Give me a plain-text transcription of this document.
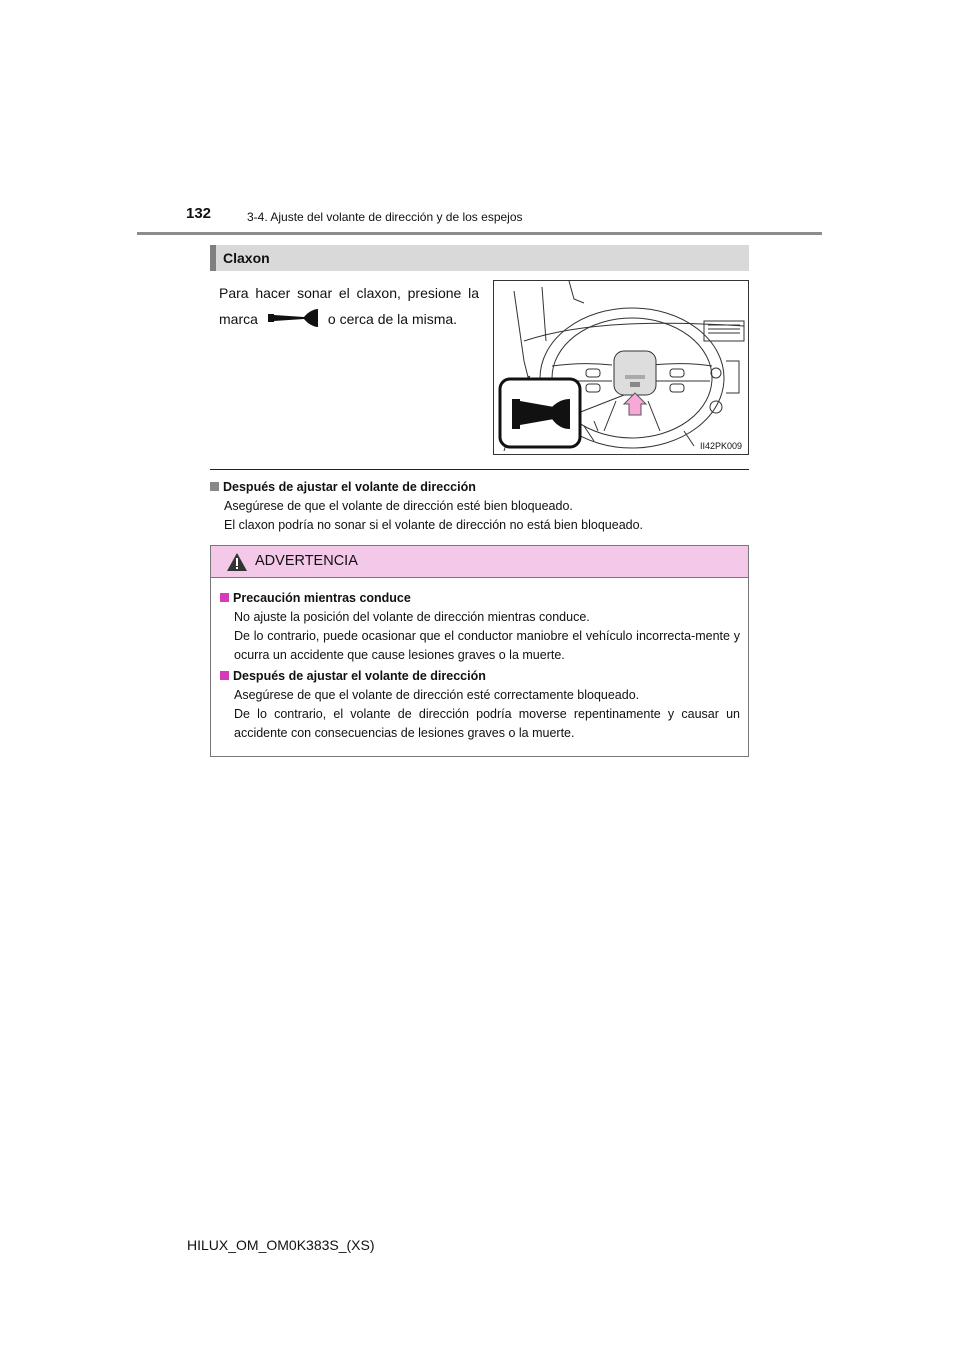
132	3-4. Ajuste del volante de dirección y de los espejos
Claxon
Para hacer sonar el claxon, presione la marca	o cerca de la misma.
II42PK009
Después de ajustar el volante de dirección
Asegúrese de que el volante de dirección esté bien bloqueado.
El claxon podría no sonar si el volante de dirección no está bien bloqueado.
ADVERTENCIA
Precaución mientras conduce
No ajuste la posición del volante de dirección mientras conduce.
De lo contrario, puede ocasionar que el conductor maniobre el vehículo incorrecta-mente y ocurra un accidente que cause lesiones graves o la muerte.
Después de ajustar el volante de dirección
Asegúrese de que el volante de dirección esté correctamente bloqueado.
De lo contrario, el volante de dirección podría moverse repentinamente y causar un accidente con consecuencias de lesiones graves o la muerte.
HILUX_OM_OM0K383S_(XS)
